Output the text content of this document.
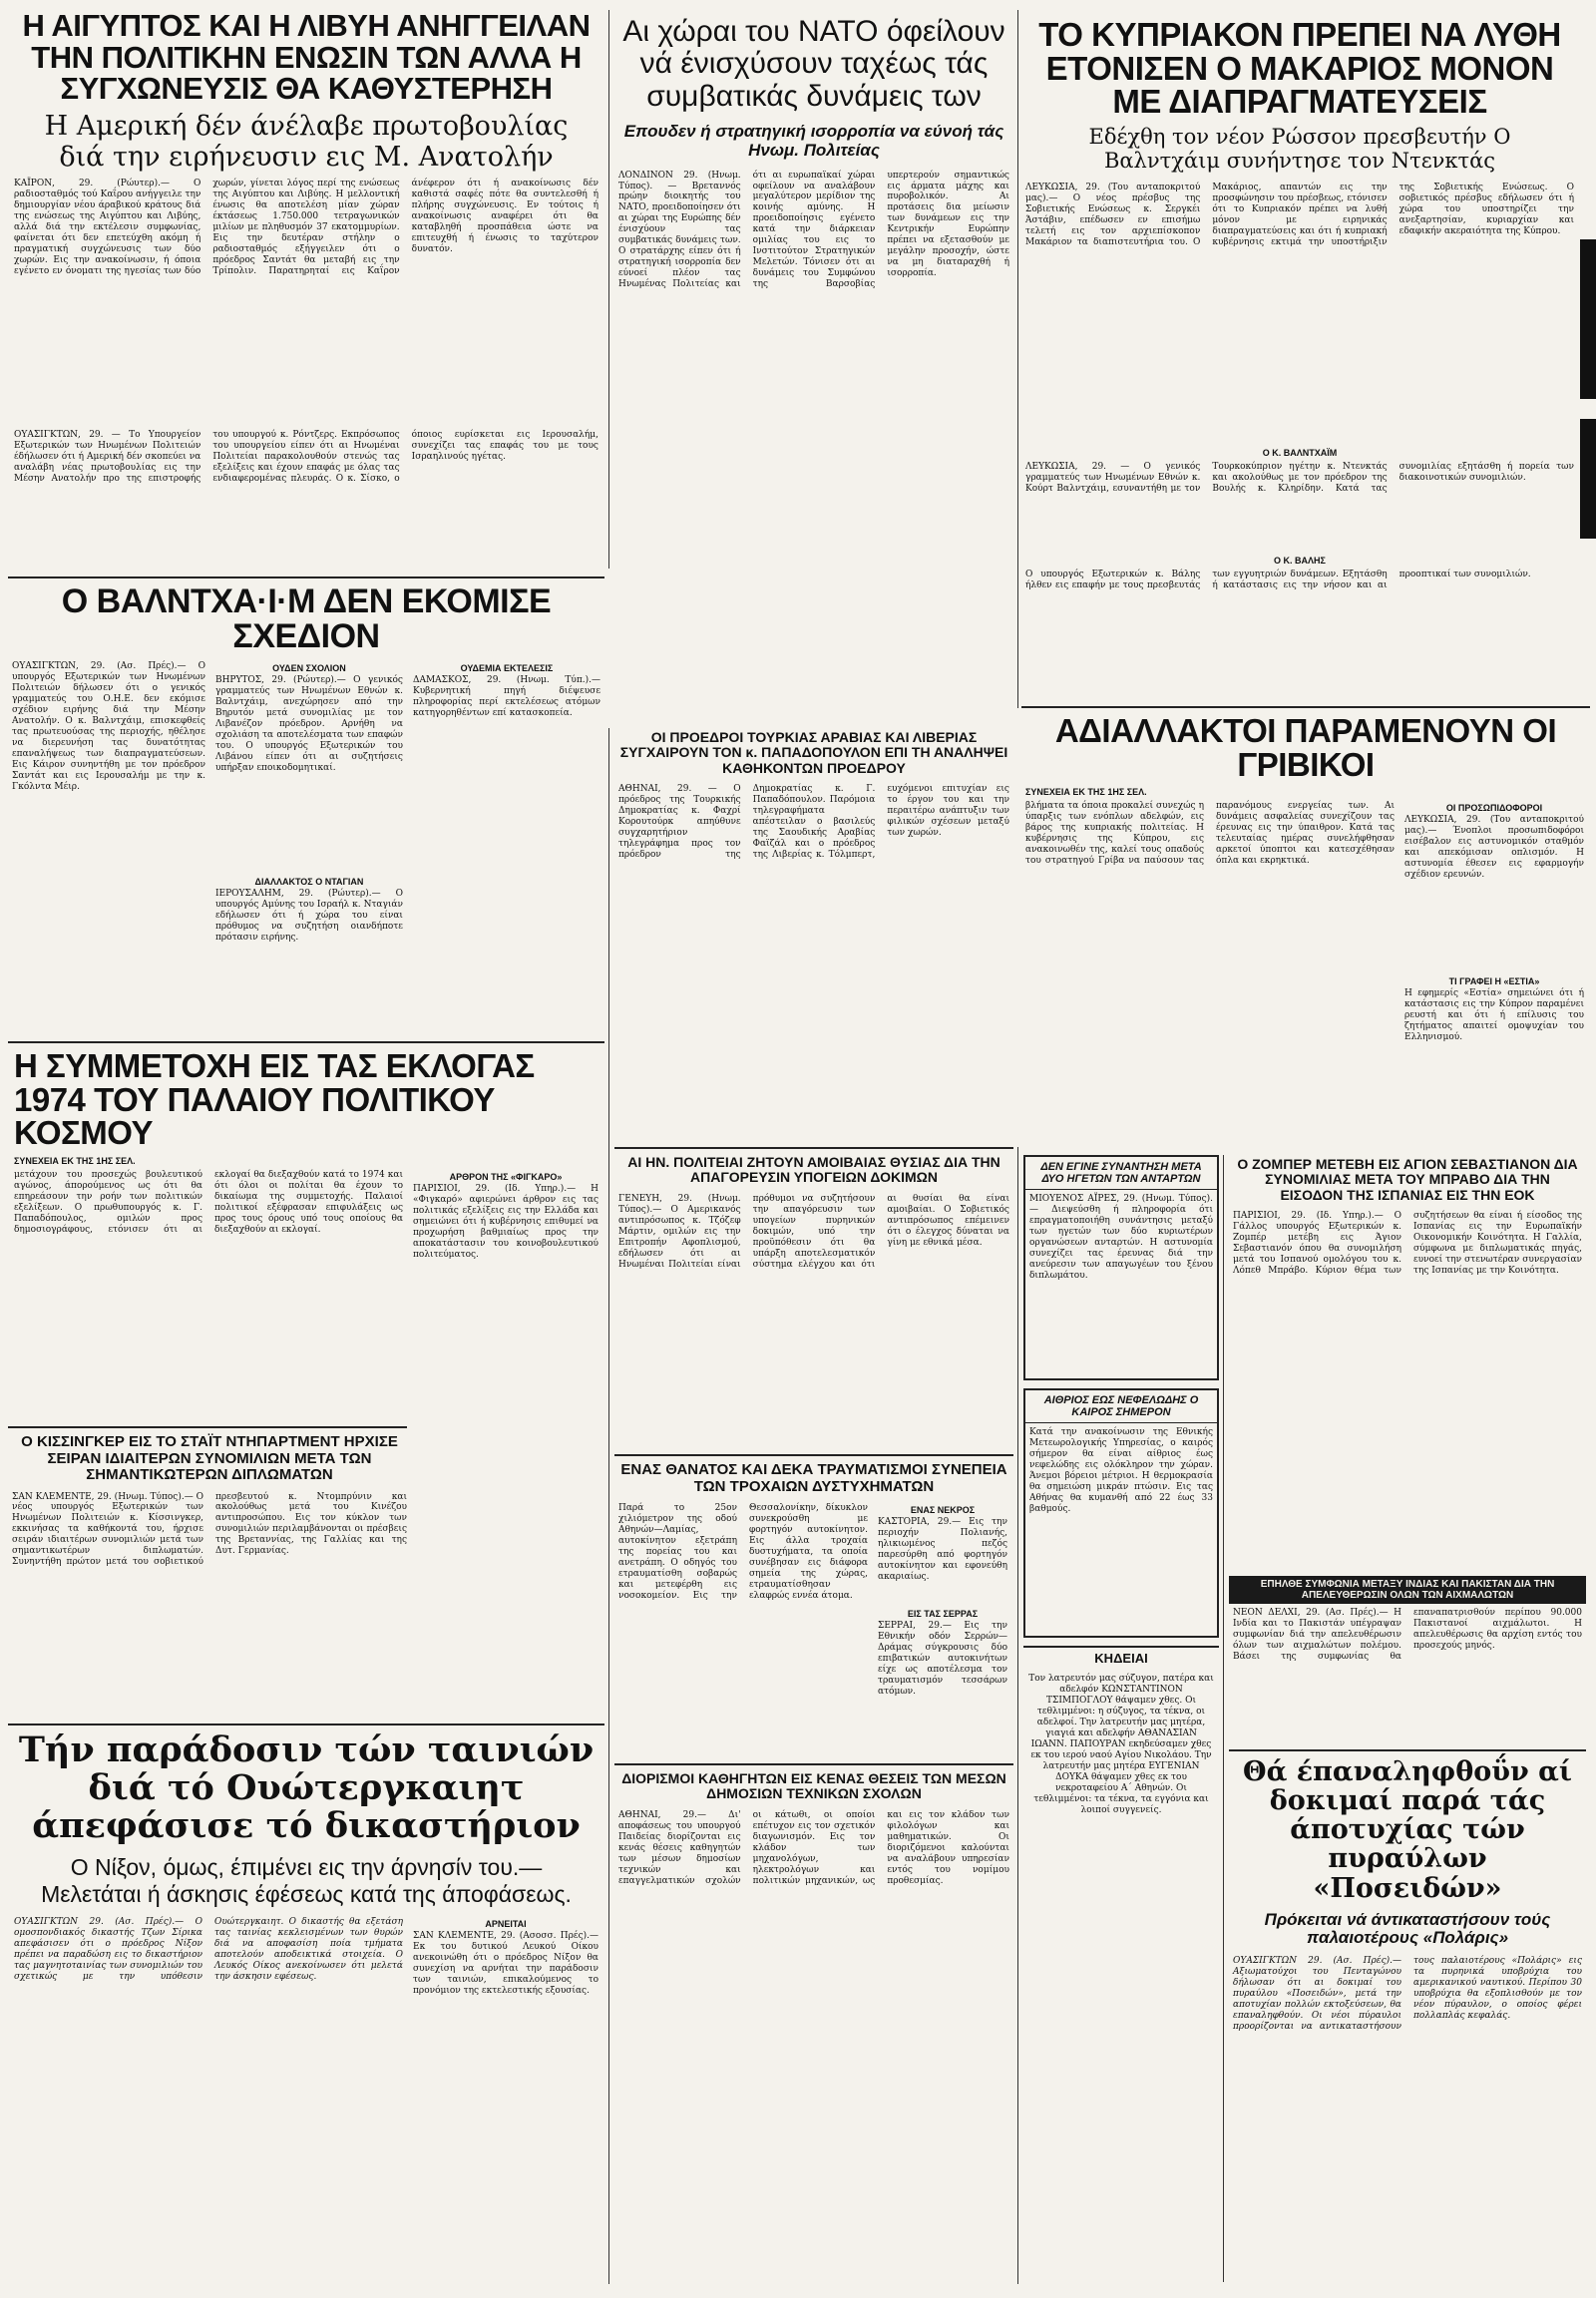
Η ΑΙΓΥΠΤΟΣ ΚΑΙ Η ΛΙΒΥΗ ΑΝΗΓΓΕΙΛΑΝ ΤΗΝ ΠΟΛΙΤΙΚΗΝ ΕΝΩΣΙΝ ΤΩΝ ΑΛΛΑ Η ΣΥΓΧΩΝΕΥΣΙΣ ΘΑ ΚΑΘΥΣΤΕΡΗΣΗ
Η Αμερική δέν άνέλαβε πρωτοβουλίας διά την ειρήνευσιν εις Μ. Ανατολήν
ΚΑΪΡΟΝ, 29. (Ρώυτερ).— Ο ραδιοσταθμός τού Καΐρου ανήγγειλε την δημιουργίαν νέου άραβικού κράτους διά της ενώσεως της Αιγύπτου και Λιβύης, αλλά διά την εκτέλεσιν συμφωνίας, φαίνεται ότι δεν επετεύχθη ακόμη ή πραγματική συγχώνευσις των δύο χωρών. Εις την ανακοίνωσιν, ή όποια εγένετο εν όνοματι της ηγεσίας των δύο χωρών, γίνεται λόγος περί της ενώσεως της Αιγύπτου και Λιβύης. Η μελλοντική ένωσις θα αποτελέση μίαν χώραν έκτάσεως 1.750.000 τετραγωνικών μιλίων με πληθυσμόν 37 εκατομμυρίων. Εις την δευτέραν στήλην ο ραδιοσταθμός εξήγγειλεν ότι ο πρόεδρος Σαντάτ θα μεταβή εις την Τρίπολιν. Παρατηρηταί εις Καΐρον άνέφερον ότι ή ανακοίνωσις δέν καθιστά σαφές πότε θα συντελεσθή ή πλήρης συγχώνευσις. Εν τούτοις ή ανακοίνωσις αναφέρει ότι θα καταβληθή προσπάθεια ώστε να επιτευχθή ή ένωσις το ταχύτερον δυνατόν.
ΟΥΑΣΙΓΚΤΩΝ, 29. — Το Υπουργείον Εξωτερικών των Ηνωμένων Πολιτειών έδήλωσεν ότι ή Αμερική δέν σκοπεύει να αναλάβη νέας πρωτοβουλίας εις την Μέσην Ανατολήν προ της επιστροφής του υπουργού κ. Ρόντζερς. Εκπρόσωπος του υπουργείου είπεν ότι αι Ηνωμέναι Πολιτείαι παρακολουθούν στενώς τας εξελίξεις και έχουν επαφάς με όλας τας ενδιαφερομένας πλευράς. Ο κ. Σίσκο, ο όποιος ευρίσκεται εις Ιερουσαλήμ, συνεχίζει τας επαφάς του με τους Ισραηλινούς ηγέτας.
Αι χώραι του ΝΑΤΟ όφείλουν νά ένισχύσουν ταχέως τάς συμβατικάς δυνάμεις των
Επουδεν ή στρατηγική ισορροπία να εύνοή τάς Ηνωμ. Πολιτείας
ΛΟΝΔΙΝΟΝ 29. (Ηνωμ. Τύπος). — Βρεταννός πρώην διοικητής του ΝΑΤΟ, προειδοποίησεν ότι αι χώραι της Ευρώπης δέν ένισχύουν τας συμβατικάς δυνάμεις των. Ο στρατάρχης είπεν ότι ή στρατηγική ισορροπία δεν εύνοεί πλέον τας Ηνωμένας Πολιτείας και ότι αι ευρωπαϊκαί χώραι οφείλουν να αναλάβουν μεγαλύτερον μερίδιον της κοινής αμύνης. Η προειδοποίησις εγένετο κατά την διάρκειαν ομιλίας του εις το Ινστιτούτον Στρατηγικών Μελετών. Τόνισεν ότι αι δυνάμεις του Συμφώνου της Βαρσοβίας υπερτερούν σημαντικώς εις άρματα μάχης και πυροβολικόν. Αι προτάσεις δια μείωσιν των δυνάμεων εις την Κεντρικήν Ευρώπην πρέπει να εξετασθούν με μεγάλην προσοχήν, ώστε να μη διαταραχθή ή ισορροπία.
ΤΟ ΚΥΠΡΙΑΚΟΝ ΠΡΕΠΕΙ ΝΑ ΛΥΘΗ ΕΤΟΝΙΣΕΝ Ο ΜΑΚΑΡΙΟΣ ΜΟΝΟΝ ΜΕ ΔΙΑΠΡΑΓΜΑΤΕΥΣΕΙΣ
Εδέχθη τον νέον Ρώσσον πρεσβευτήν Ο Βαλντχάιμ συνήντησε τον Ντενκτάς
ΛΕΥΚΩΣΙΑ, 29. (Του ανταποκριτού μας).— Ο νέος πρέσβυς της Σοβιετικής Ενώσεως κ. Σεργκέι Άστάβιν, επέδωσεν εν επισήμω τελετή εις τον αρχιεπίσκοπον Μακάριον τα διαπιστευτήρια του. Ο Μακάριος, απαντών εις την προσφώνησιν του πρέσβεως, ετόνισεν ότι το Κυπριακόν πρέπει να λυθή μόνον με ειρηνικάς διαπραγματεύσεις και ότι ή κυπριακή κυβέρνησις εκτιμά την υποστήριξιν της Σοβιετικής Ενώσεως. Ο σοβιετικός πρέσβυς εδήλωσεν ότι ή χώρα του υποστηρίζει την ανεξαρτησίαν, κυριαρχίαν και εδαφικήν ακεραιότητα της Κύπρου.
Ο Κ. ΒΑΛΝΤΧΑΪΜ
ΛΕΥΚΩΣΙΑ, 29. — Ο γενικός γραμματεύς των Ηνωμένων Εθνών κ. Κούρτ Βαλντχάιμ, εσυναντήθη με τον Τουρκοκύπριον ηγέτην κ. Ντενκτάς και ακολούθως με τον πρόεδρον της Βουλής κ. Κληρίδην. Κατά τας συνομιλίας εξητάσθη ή πορεία των διακοινοτικών συνομιλιών.
Ο Κ. ΒΑΛΗΣ
Ο υπουργός Εξωτερικών κ. Βάλης ήλθεν εις επαφήν με τους πρεσβευτάς των εγγυητριών δυνάμεων. Εξητάσθη ή κατάστασις εις την νήσον και αι προοπτικαί των συνομιλιών.
Ο ΒΑΛΝΤΧΑ·Ι·Μ ΔΕΝ ΕΚΟΜΙΣΕ ΣΧΕΔΙΟΝ
ΟΥΑΣΙΓΚΤΩΝ, 29. (Ασ. Πρές).— Ο υπουργός Εξωτερικών των Ηνωμένων Πολιτειών δήλωσεν ότι ο γενικός γραμματεύς του Ο.Η.Ε. δεν εκόμισε σχέδιον ειρήνης διά την Μέσην Ανατολήν. Ο κ. Βαλντχάιμ, επισκεφθείς τας πρωτευούσας της περιοχής, ηθέλησε να διερευνήση τας δυνατότητας επαναλήψεως των διαπραγματεύσεων. Εις Κάιρον συνηντήθη με τον πρόεδρον Σαντάτ και εις Ιερουσαλήμ με την κ. Γκόλντα Μέιρ.
ΟΥΔΕΝ ΣΧΟΛΙΟΝ
ΒΗΡΥΤΟΣ, 29. (Ρώυτερ).— Ο γενικός γραμματεύς των Ηνωμένων Εθνών κ. Βαλντχάιμ, ανεχώρησεν από την Βηρυτόν μετά συνομιλίας με τον Λιβανέζον πρόεδρον. Αρνήθη να σχολιάση τα αποτελέσματα των επαφών του. Ο υπουργός Εξωτερικών του Λιβάνου είπεν ότι αι συζητήσεις υπήρξαν εποικοδομητικαί.
ΔΙΑΛΛΑΚΤΟΣ Ο ΝΤΑΓΙΑΝ
ΙΕΡΟΥΣΑΛΗΜ, 29. (Ρώυτερ).— Ο υπουργός Αμύνης του Ισραήλ κ. Νταγιάν εδήλωσεν ότι ή χώρα του είναι πρόθυμος να συζητήση οιανδήποτε πρότασιν ειρήνης.
ΟΥΔΕΜΙΑ ΕΚΤΕΛΕΣΙΣ
ΔΑΜΑΣΚΟΣ, 29. (Ηνωμ. Τύπ.).— Κυβερνητική πηγή διέψευσε πληροφορίας περί εκτελέσεως ατόμων κατηγορηθέντων επί κατασκοπεία.
Η ΣΥΜΜΕΤΟΧΗ ΕΙΣ ΤΑΣ ΕΚΛΟΓΑΣ 1974 ΤΟΥ ΠΑΛΑΙΟΥ ΠΟΛΙΤΙΚΟΥ ΚΟΣΜΟΥ
ΣΥΝΕΧΕΙΑ ΕΚ ΤΗΣ 1ΗΣ ΣΕΛ.
μετάχουν του προσεχώς βουλευτικού αγώνος, άπορούμενος ως ότι θα επηρεάσουν την ροήν των πολιτικών εξελίξεων. Ο πρωθυπουργός κ. Γ. Παπαδόπουλος, ομιλών προς δημοσιογράφους, ετόνισεν ότι αι εκλογαί θα διεξαχθούν κατά το 1974 και ότι όλοι οι πολίται θα έχουν το δικαίωμα της συμμετοχής. Παλαιοί πολιτικοί εξέφρασαν επιφυλάξεις ως προς τους όρους υπό τους οποίους θα διεξαχθούν αι εκλογαί.
ΑΡΘΡΟΝ ΤΗΣ «ΦΙΓΚΑΡΟ»
ΠΑΡΙΣΙΟΙ, 29. (Ιδ. Υπηρ.).— Η «Φιγκαρό» αφιερώνει άρθρον εις τας πολιτικάς εξελίξεις εις την Ελλάδα και σημειώνει ότι ή κυβέρνησις επιθυμεί να προχωρήση βαθμιαίως προς την αποκατάστασιν του κοινοβουλευτικού πολιτεύματος.
Ο ΚΙΣΣΙΝΓΚΕΡ ΕΙΣ ΤΟ ΣΤΑΪΤ ΝΤΗΠΑΡΤΜΕΝΤ ΗΡΧΙΣΕ ΣΕΙΡΑΝ ΙΔΙΑΙΤΕΡΩΝ ΣΥΝΟΜΙΛΙΩΝ ΜΕΤΑ ΤΩΝ ΣΗΜΑΝΤΙΚΩΤΕΡΩΝ ΔΙΠΛΩΜΑΤΩΝ
ΣΑΝ ΚΛΕΜΕΝΤΕ, 29. (Ηνωμ. Τύπος).— Ο νέος υπουργός Εξωτερικών των Ηνωμένων Πολιτειών κ. Κίσσινγκερ, εκκινήσας τα καθήκοντά του, ήρχισε σειράν ιδιαιτέρων συνομιλιών μετά των σημαντικωτέρων διπλωματών. Συνηντήθη πρώτον μετά του σοβιετικού πρεσβευτού κ. Ντομπρύνιν και ακολούθως μετά του Κινέζου αντιπροσώπου. Εις τον κύκλον των συνομιλιών περιλαμβάνονται οι πρέσβεις της Βρεταννίας, της Γαλλίας και της Δυτ. Γερμανίας.
Τήν παράδοσιν τών ταινιών διά τό Ουώτεργκαιητ άπεφάσισε τό δικαστήριον
Ο Νίξον, όμως, έπιμένει εις την άρνησίν του.— Μελετάται ή άσκησις έφέσεως κατά της άποφάσεως.
ΟΥΑΣΙΓΚΤΩΝ 29. (Ασ. Πρές).— Ο ομοσπονδιακός δικαστής Τζων Σίρικα απεφάσισεν ότι ο πρόεδρος Νίξον πρέπει να παραδώση εις το δικαστήριον τας μαγνητοταινίας των συνομιλιών του σχετικώς με την υπόθεσιν Ουώτεργκαιητ. Ο δικαστής θα εξετάση τας ταινίας κεκλεισμένων των θυρών διά να αποφασίση ποία τμήματα αποτελούν αποδεικτικά στοιχεία. Ο Λευκός Οίκος ανεκοίνωσεν ότι μελετά την άσκησιν εφέσεως.
ΑΡΝΕΙΤΑΙ
ΣΑΝ ΚΛΕΜΕΝΤΕ, 29. (Ασοσσ. Πρές).— Εκ του δυτικού Λευκού Οίκου ανεκοινώθη ότι ο πρόεδρος Νίξον θα συνεχίση να αρνήται την παράδοσιν των ταινιών, επικαλούμενος το προνόμιον της εκτελεστικής εξουσίας.
ΟΙ ΠΡΟΕΔΡΟΙ ΤΟΥΡΚΙΑΣ ΑΡΑΒΙΑΣ ΚΑΙ ΛΙΒΕΡΙΑΣ ΣΥΓΧΑΙΡΟΥΝ ΤΟΝ κ. ΠΑΠΑΔΟΠΟΥΛΟΝ ΕΠΙ ΤΗ ΑΝΑΛΗΨΕΙ ΚΑΘΗΚΟΝΤΩΝ ΠΡΟΕΔΡΟΥ
ΑΘΗΝΑΙ, 29. — Ο πρόεδρος της Τουρκικής Δημοκρατίας κ. Φαχρί Κορουτούρκ απηύθυνε συγχαρητήριον τηλεγράφημα προς τον πρόεδρον της Δημοκρατίας κ. Γ. Παπαδόπουλον. Παρόμοια τηλεγραφήματα απέστειλαν ο βασιλεύς της Σαουδικής Αραβίας Φαϊζάλ και ο πρόεδρος της Λιβερίας κ. Τόλμπερτ, ευχόμενοι επιτυχίαν εις το έργον του και την περαιτέρω ανάπτυξιν των φιλικών σχέσεων μεταξύ των χωρών.
ΑΙ ΗΝ. ΠΟΛΙΤΕΙΑΙ ΖΗΤΟΥΝ ΑΜΟΙΒΑΙΑΣ ΘΥΣΙΑΣ ΔΙΑ ΤΗΝ ΑΠΑΓΟΡΕΥΣΙΝ ΥΠΟΓΕΙΩΝ ΔΟΚΙΜΩΝ
ΓΕΝΕΥΗ, 29. (Ηνωμ. Τύπος).— Ο Αμερικανός αντιπρόσωπος κ. Τζόζεφ Μάρτιν, ομιλών εις την Επιτροπήν Αφοπλισμού, εδήλωσεν ότι αι Ηνωμέναι Πολιτείαι είναι πρόθυμοι να συζητήσουν την απαγόρευσιν των υπογείων πυρηνικών δοκιμών, υπό την προϋπόθεσιν ότι θα υπάρξη αποτελεσματικόν σύστημα ελέγχου και ότι αι θυσίαι θα είναι αμοιβαίαι. Ο Σοβιετικός αντιπρόσωπος επέμεινεν ότι ο έλεγχος δύναται να γίνη με εθνικά μέσα.
ΕΝΑΣ ΘΑΝΑΤΟΣ ΚΑΙ ΔΕΚΑ ΤΡΑΥΜΑΤΙΣΜΟΙ ΣΥΝΕΠΕΙΑ ΤΩΝ ΤΡΟΧΑΙΩΝ ΔΥΣΤΥΧΗΜΑΤΩΝ
Παρά το 25ον χιλιόμετρον της οδού Αθηνών—Λαμίας, αυτοκίνητον εξετράπη της πορείας του και ανετράπη. Ο οδηγός του ετραυματίσθη σοβαρώς και μετεφέρθη εις νοσοκομείον. Εις την Θεσσαλονίκην, δίκυκλον συνεκρούσθη με φορτηγόν αυτοκίνητον. Εις άλλα τροχαία δυστυχήματα, τα οποία συνέβησαν εις διάφορα σημεία της χώρας, ετραυματίσθησαν ελαφρώς εννέα άτομα.
ΕΝΑΣ ΝΕΚΡΟΣ
ΚΑΣΤΟΡΙΑ, 29.— Εις την περιοχήν Πολιανής, ηλικιωμένος πεζός παρεσύρθη από φορτηγόν αυτοκίνητον και εφονεύθη ακαριαίως.
ΕΙΣ ΤΑΣ ΣΕΡΡΑΣ
ΣΕΡΡΑΙ, 29.— Εις την Εθνικήν οδόν Σερρών—Δράμας σύγκρουσις δύο επιβατικών αυτοκινήτων είχε ως αποτέλεσμα τον τραυματισμόν τεσσάρων ατόμων.
ΔΙΟΡΙΣΜΟΙ ΚΑΘΗΓΗΤΩΝ ΕΙΣ ΚΕΝΑΣ ΘΕΣΕΙΣ ΤΩΝ ΜΕΣΩΝ ΔΗΜΟΣΙΩΝ ΤΕΧΝΙΚΩΝ ΣΧΟΛΩΝ
ΑΘΗΝΑΙ, 29.— Δι' αποφάσεως του υπουργού Παιδείας διορίζονται εις κενάς θέσεις καθηγητών των μέσων δημοσίων τεχνικών και επαγγελματικών σχολών οι κάτωθι, οι οποίοι επέτυχον εις τον σχετικόν διαγωνισμόν. Εις τον κλάδον των μηχανολόγων, ηλεκτρολόγων και πολιτικών μηχανικών, ως και εις τον κλάδον των φιλολόγων και μαθηματικών. Οι διοριζόμενοι καλούνται να αναλάβουν υπηρεσίαν εντός του νομίμου προθεσμίας.
ΑΔΙΑΛΛΑΚΤΟΙ ΠΑΡΑΜΕΝΟΥΝ ΟΙ ΓΡΙΒΙΚΟΙ
ΣΥΝΕΧΕΙΑ ΕΚ ΤΗΣ 1ΗΣ ΣΕΛ.
βλήματα τα όποια προκαλεί συνεχώς η ύπαρξις των ενόπλων αδελφών, εις βάρος της κυπριακής πολιτείας. Η κυβέρνησις της Κύπρου, εις ανακοινωθέν της, καλεί τους οπαδούς του στρατηγού Γρίβα να παύσουν τας παρανόμους ενεργείας των. Αι δυνάμεις ασφαλείας συνεχίζουν τας έρευνας εις την ύπαιθρον. Κατά τας τελευταίας ημέρας συνελήφθησαν αρκετοί ύποπτοι και κατεσχέθησαν όπλα και εκρηκτικά.
ΟΙ ΠΡΟΣΩΠΙΔΟΦΟΡΟΙ
ΛΕΥΚΩΣΙΑ, 29. (Του ανταποκριτού μας).— Ένοπλοι προσωπιδοφόροι εισέβαλον εις αστυνομικόν σταθμόν και απεκόμισαν οπλισμόν. Η αστυνομία έθεσεν εις εφαρμογήν σχέδιον ερευνών.
ΤΙ ΓΡΑΦΕΙ Η «ΕΣΤΙΑ»
Η εφημερίς «Εστία» σημειώνει ότι ή κατάστασις εις την Κύπρον παραμένει ρευστή και ότι ή επίλυσις του ζητήματος απαιτεί ομοψυχίαν του Ελληνισμού.
ΔΕΝ ΕΓΙΝΕ ΣΥΝΑΝΤΗΣΗ ΜΕΤΑ ΔΥΟ ΗΓΕΤΩΝ ΤΩΝ ΑΝΤΑΡΤΩΝ
ΜΙΟΥΕΝΟΣ ΑΪΡΕΣ, 29. (Ηνωμ. Τύπος).— Διεψεύσθη ή πληροφορία ότι επραγματοποιήθη συνάντησις μεταξύ των ηγετών των δύο κυριωτέρων οργανώσεων ανταρτών. Η αστυνομία συνεχίζει τας έρευνας διά την ανεύρεσιν των απαγωγέων του ξένου διπλωμάτου.
ΑΙΘΡΙΟΣ ΕΩΣ ΝΕΦΕΛΩΔΗΣ Ο ΚΑΙΡΟΣ ΣΗΜΕΡΟΝ
Κατά την ανακοίνωσιν της Εθνικής Μετεωρολογικής Υπηρεσίας, ο καιρός σήμερον θα είναι αίθριος έως νεφελώδης εις ολόκληρον την χώραν. Άνεμοι βόρειοι μέτριοι. Η θερμοκρασία θα σημειώση μικράν πτώσιν. Εις τας Αθήνας θα κυμανθή από 22 έως 33 βαθμούς.
ΚΗΔΕΙΑΙ
Τον λατρευτόν μας σύζυγον, πατέρα και αδελφόν ΚΩΝΣΤΑΝΤΙΝΟΝ ΤΣΙΜΠΟΓΛΟΥ θάψαμεν χθες. Οι τεθλιμμένοι: η σύζυγος, τα τέκνα, οι αδελφοί. Την λατρευτήν μας μητέρα, γιαγιά και αδελφήν ΑΘΑΝΑΣΙΑΝ ΙΩΑΝΝ. ΠΑΠΟΥΡΑΝ εκηδεύσαμεν χθες εκ του ιερού ναού Αγίου Νικολάου. Την λατρευτήν μας μητέρα ΕΥΓΕΝΙΑΝ ΔΟΥΚΑ θάψαμεν χθες εκ του νεκροταφείου Α΄ Αθηνών. Οι τεθλιμμένοι: τα τέκνα, τα εγγόνια και λοιποί συγγενείς.
Ο ΖΟΜΠΕΡ ΜΕΤΕΒΗ ΕΙΣ ΑΓΙΟΝ ΣΕΒΑΣΤΙΑΝΟΝ ΔΙΑ ΣΥΝΟΜΙΛΙΑΣ ΜΕΤΑ ΤΟΥ ΜΠΡΑΒΟ ΔΙΑ ΤΗΝ ΕΙΣΟΔΟΝ ΤΗΣ ΙΣΠΑΝΙΑΣ ΕΙΣ ΤΗΝ ΕΟΚ
ΠΑΡΙΣΙΟΙ, 29. (Ιδ. Υπηρ.).— Ο Γάλλος υπουργός Εξωτερικών κ. Ζομπέρ μετέβη εις Άγιον Σεβαστιανόν όπου θα συνομιλήση μετά του Ισπανού ομολόγου του κ. Λόπεθ Μπράβο. Κύριον θέμα των συζητήσεων θα είναι ή είσοδος της Ισπανίας εις την Ευρωπαϊκήν Οικονομικήν Κοινότητα. Η Γαλλία, σύμφωνα με διπλωματικάς πηγάς, ευνοεί την στενωτέραν συνεργασίαν της Ισπανίας με την Κοινότητα.
ΕΠΗΛΘΕ ΣΥΜΦΩΝΙΑ ΜΕΤΑΞΥ ΙΝΔΙΑΣ ΚΑΙ ΠΑΚΙΣΤΑΝ ΔΙΑ ΤΗΝ ΑΠΕΛΕΥΘΕΡΩΣΙΝ ΟΛΩΝ ΤΩΝ ΑΙΧΜΑΛΩΤΩΝ
ΝΕΟΝ ΔΕΛΧΙ, 29. (Ασ. Πρές).— Η Ινδία και το Πακιστάν υπέγραψαν συμφωνίαν διά την απελευθέρωσιν όλων των αιχμαλώτων πολέμου. Βάσει της συμφωνίας θα επαναπατρισθούν περίπου 90.000 Πακιστανοί αιχμάλωτοι. Η απελευθέρωσις θα αρχίση εντός του προσεχούς μηνός.
Θά έπαναληφθοΰν αί δοκιμαί παρά τάς άποτυχίας τών πυραύλων «Ποσειδών»
Πρόκειται νά άντικαταστήσουν τούς παλαιοτέρους «Πολάρις»
ΟΥΑΣΙΓΚΤΩΝ 29. (Ασ. Πρές).— Αξιωματούχοι του Πενταγώνου δήλωσαν ότι αι δοκιμαί του πυραύλου «Ποσειδών», μετά την αποτυχίαν πολλών εκτοξεύσεων, θα επαναληφθούν. Οι νέοι πύραυλοι προορίζονται να αντικαταστήσουν τους παλαιοτέρους «Πολάρις» εις τα πυρηνικά υποβρύχια του αμερικανικού ναυτικού. Περίπου 30 υποβρύχια θα εξοπλισθούν με τον νέον πύραυλον, ο οποίος φέρει πολλαπλάς κεφαλάς.
